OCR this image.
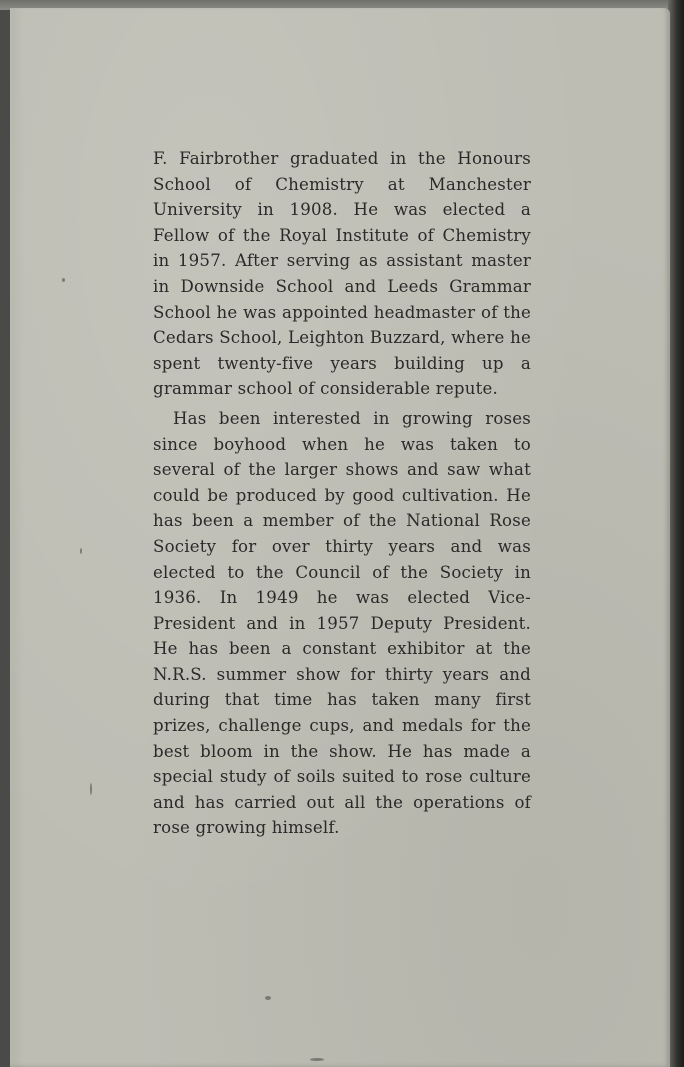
F. Fairbrother graduated in the Honours School of Chemistry at Manchester University in 1908. He was elected a Fellow of the Royal Institute of Chemistry in 1957. After serving as assistant master in Downside School and Leeds Grammar School he was appointed headmaster of the Cedars School, Leighton Buzzard, where he spent twenty-five years building up a grammar school of considerable repute.

Has been interested in growing roses since boyhood when he was taken to several of the larger shows and saw what could be produced by good cultivation. He has been a member of the National Rose Society for over thirty years and was elected to the Council of the Society in 1936. In 1949 he was elected Vice-President and in 1957 Deputy President. He has been a constant exhibitor at the N.R.S. summer show for thirty years and during that time has taken many first prizes, challenge cups, and medals for the best bloom in the show. He has made a special study of soils suited to rose culture and has carried out all the operations of rose growing himself.
